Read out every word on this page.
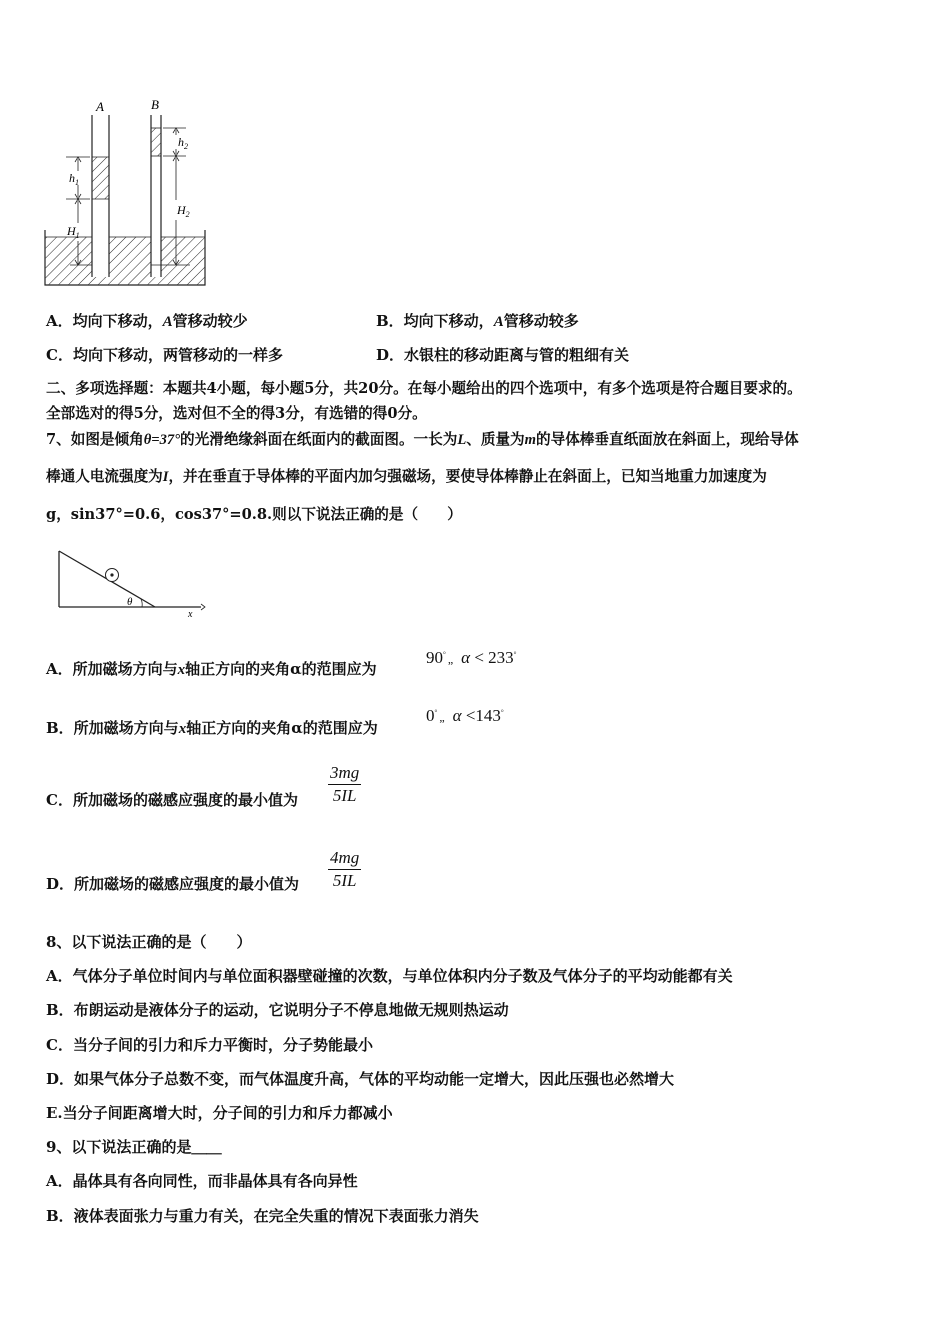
A	B
$h_1$
$H_1$
$h_2$
$H_2$
A．均向下移动，A管移动较少	B．均向下移动，A管移动较多
C．均向下移动，两管移动的一样多	D．水银柱的移动距离与管的粗细有关
二、多项选择题：本题共4小题，每小题5分，共20分。在每小题给出的四个选项中，有多个选项是符合题目要求的。
全部选对的得5分，选对但不全的得3分，有选错的得0分。
7、如图是倾角θ=37°的光滑绝缘斜面在纸面内的截面图。一长为L、质量为m的导体棒垂直纸面放在斜面上，现给导体
棒通人电流强度为I，并在垂直于导体棒的平面内加匀强磁场，要使导体棒静止在斜面上，已知当地重力加速度为
g，sin37°=0.6，cos37°=0.8.则以下说法正确的是（　　）
θ
x
A．所加磁场方向与x轴正方向的夹角α的范围应为
90° „ α < 233°
B．所加磁场方向与x轴正方向的夹角α的范围应为
0° „ α <143°
C．所加磁场的磁感应强度的最小值为
3mg
5IL
D．所加磁场的磁感应强度的最小值为
4mg
5IL
8、以下说法正确的是（　　）
A．气体分子单位时间内与单位面积器壁碰撞的次数，与单位体积内分子数及气体分子的平均动能都有关
B．布朗运动是液体分子的运动，它说明分子不停息地做无规则热运动
C．当分子间的引力和斥力平衡时，分子势能最小
D．如果气体分子总数不变，而气体温度升高，气体的平均动能一定增大，因此压强也必然增大
E.当分子间距离增大时，分子间的引力和斥力都减小
9、以下说法正确的是＿＿
A．晶体具有各向同性，而非晶体具有各向异性
B．液体表面张力与重力有关，在完全失重的情况下表面张力消失
